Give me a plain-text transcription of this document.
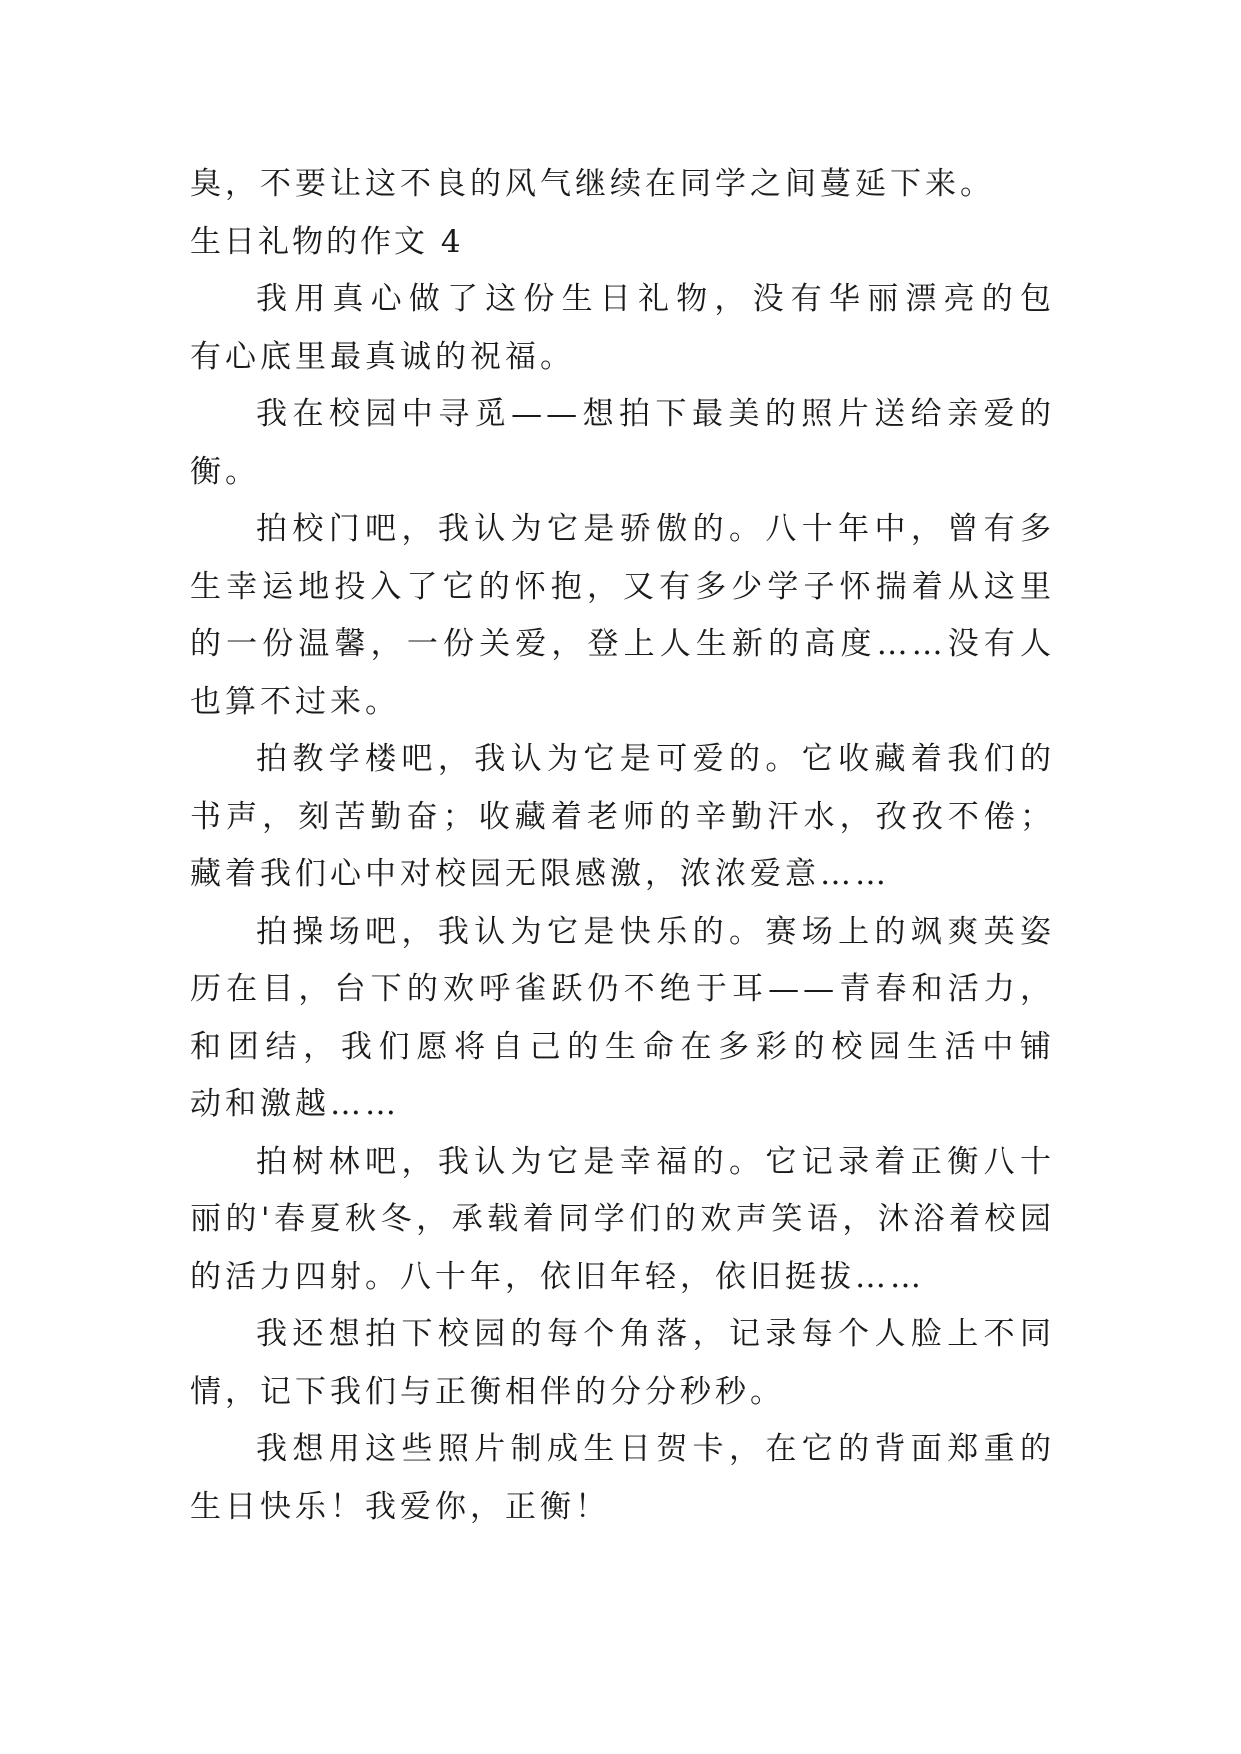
臭，不要让这不良的风气继续在同学之间蔓延下来。

生日礼物的作文 4

我用真心做了这份生日礼物，没有华丽漂亮的包

有心底里最真诚的祝福。

我在校园中寻觅——想拍下最美的照片送给亲爱的

衡。

拍校门吧，我认为它是骄傲的。八十年中，曾有多

生幸运地投入了它的怀抱，又有多少学子怀揣着从这里

的一份温馨，一份关爱，登上人生新的高度……没有人

也算不过来。

拍教学楼吧，我认为它是可爱的。它收藏着我们的

书声，刻苦勤奋；收藏着老师的辛勤汗水，孜孜不倦；

藏着我们心中对校园无限感激，浓浓爱意……

拍操场吧，我认为它是快乐的。赛场上的飒爽英姿

历在目，台下的欢呼雀跃仍不绝于耳——青春和活力，

和团结，我们愿将自己的生命在多彩的校园生活中铺

动和激越……

拍树林吧，我认为它是幸福的。它记录着正衡八十

丽的'春夏秋冬，承载着同学们的欢声笑语，沐浴着校园

的活力四射。八十年，依旧年轻，依旧挺拔……

我还想拍下校园的每个角落，记录每个人脸上不同

情，记下我们与正衡相伴的分分秒秒。

我想用这些照片制成生日贺卡，在它的背面郑重的

生日快乐！我爱你，正衡！
